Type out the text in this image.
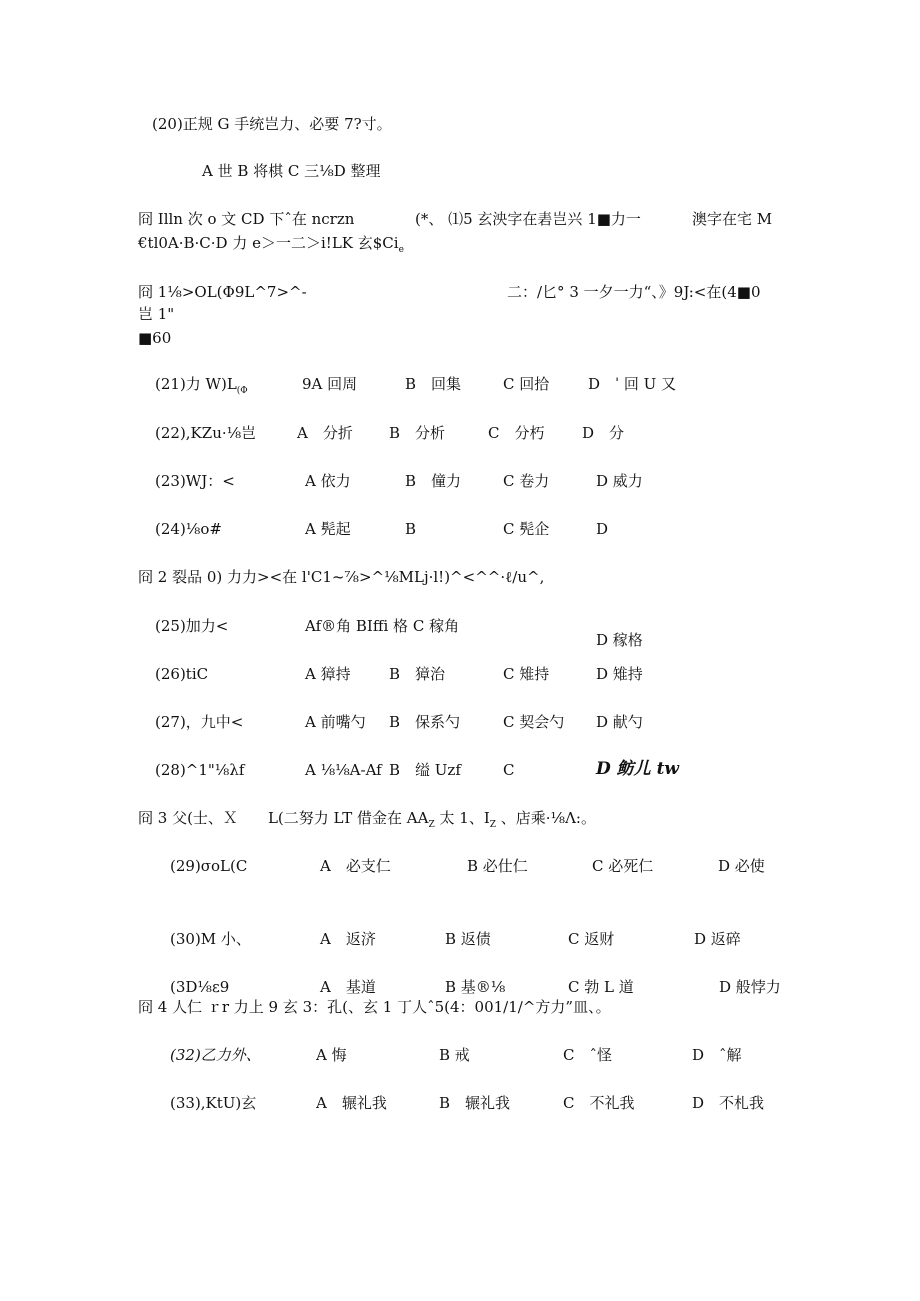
(20)正规 G 手统岂力、必要 7?寸。
A 世 B 将棋 C 三⅛D 整理
冏 Illn 次 o 文 CD 下ˆ在 ncrzn	(*、 ⑴5 玄泱字在砉岂兴 1■力一	澳字在宅 M
€tl0A·B·C·D 力 e＞一二＞i!LK 玄$\$Ci_e$
冏 1⅛>OL(Φ9L^7>^-	二：/匕° 3 一夕一力“、》9J:<在(4■0
岂 1"
■60
(21)力 $W)L_{(\Phi}$	9A 回周	B　回集	C 回拾	D　ˈ 回 U 又
(22),KZu·⅛岂	A　分折 B　分析	C　分朽	D　分
(23)WJ：<	A 依力	B　僮力	C 卷力	D 威力
(24)⅛o#	A 髡起	B	C 髡企	D
冏 2 裂品 0) 力力><在 l'C1~⅞>^⅛MLj·l!)^<^^·ℓ∕u^,
(25)加力<	Af®角 BIffi 格 C 稼角
D 稼格
(26)tiC	A 獐持	B　獐治	C 雉持	D 雉持
(27)，九中<	A 前嘴勺 B　保系勺	C 契会勺 D 献勺
(28)^1"⅛λf	A ⅛⅛A-Af B　缢 Uzf	C	D 鲂儿 tw
冏 3 父(士、Ｘ L(二努力 LT 借金在 $AA_Z$ 太 1、$I_Z$ 、店乘·⅛Λ:。
(29)σoL(C	A　必支仁	B 必仕仁	C 必死仁	D 必使
(30)M 小、	A　返济	B 返债	C 返财	D 返碎
(3D⅛ε9	A　基道	B 基®⅛	C 勃 L 道	D 般悖力
冏 4 人仁 ｒr 力上 9 玄 3：孔(、玄 1 丁人ˆ5(4：001∕1∕^方力”皿、。
(32)乙力外、	A 悔	B 戒	C　ˆ怪	D　ˆ解
(33),KtU)玄	A　辗礼我	B　辗礼我	C　不礼我	D　不札我
